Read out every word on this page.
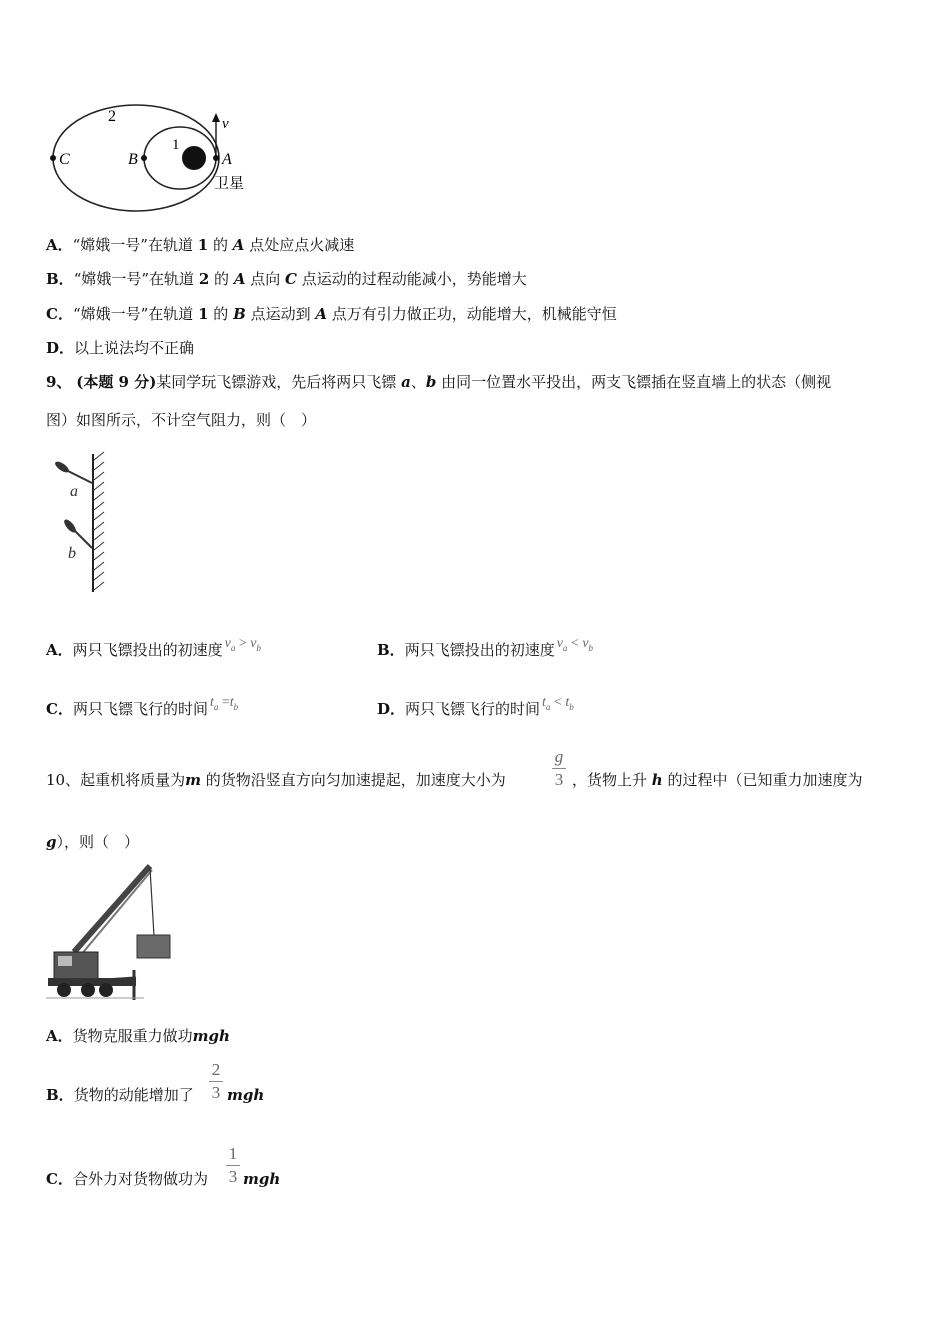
2
1
C	B	A
v
卫星
A．“嫦娥一号”在轨道 1 的 A 点处应点火减速
B．“嫦娥一号”在轨道 2 的 A 点向 C 点运动的过程动能减小，势能增大
C．“嫦娥一号”在轨道 1 的 B 点运动到 A 点万有引力做正功，动能增大，机械能守恒
D．以上说法均不正确
9、 (本题 9 分)某同学玩飞镖游戏，先后将两只飞镖 a、b 由同一位置水平投出，两支飞镖插在竖直墙上的状态（侧视
图）如图所示，不计空气阻力，则（　）
a
b
A．两只飞镖投出的初速度 $v_a > v_b$	B．两只飞镖投出的初速度 $v_a < v_b$
C．两只飞镖飞行的时间 $t_a =t_b$	D．两只飞镖飞行的时间 $t_a < t_b$
10、起重机将质量为m 的货物沿竖直方向匀加速提起，加速度大小为
g
3 ，货物上升 h 的过程中（已知重力加速度为
g），则（　）
A．货物克服重力做功mgh
B．货物的动能增加了
2
3 mgh
C．合外力对货物做功为
1
3 mgh
